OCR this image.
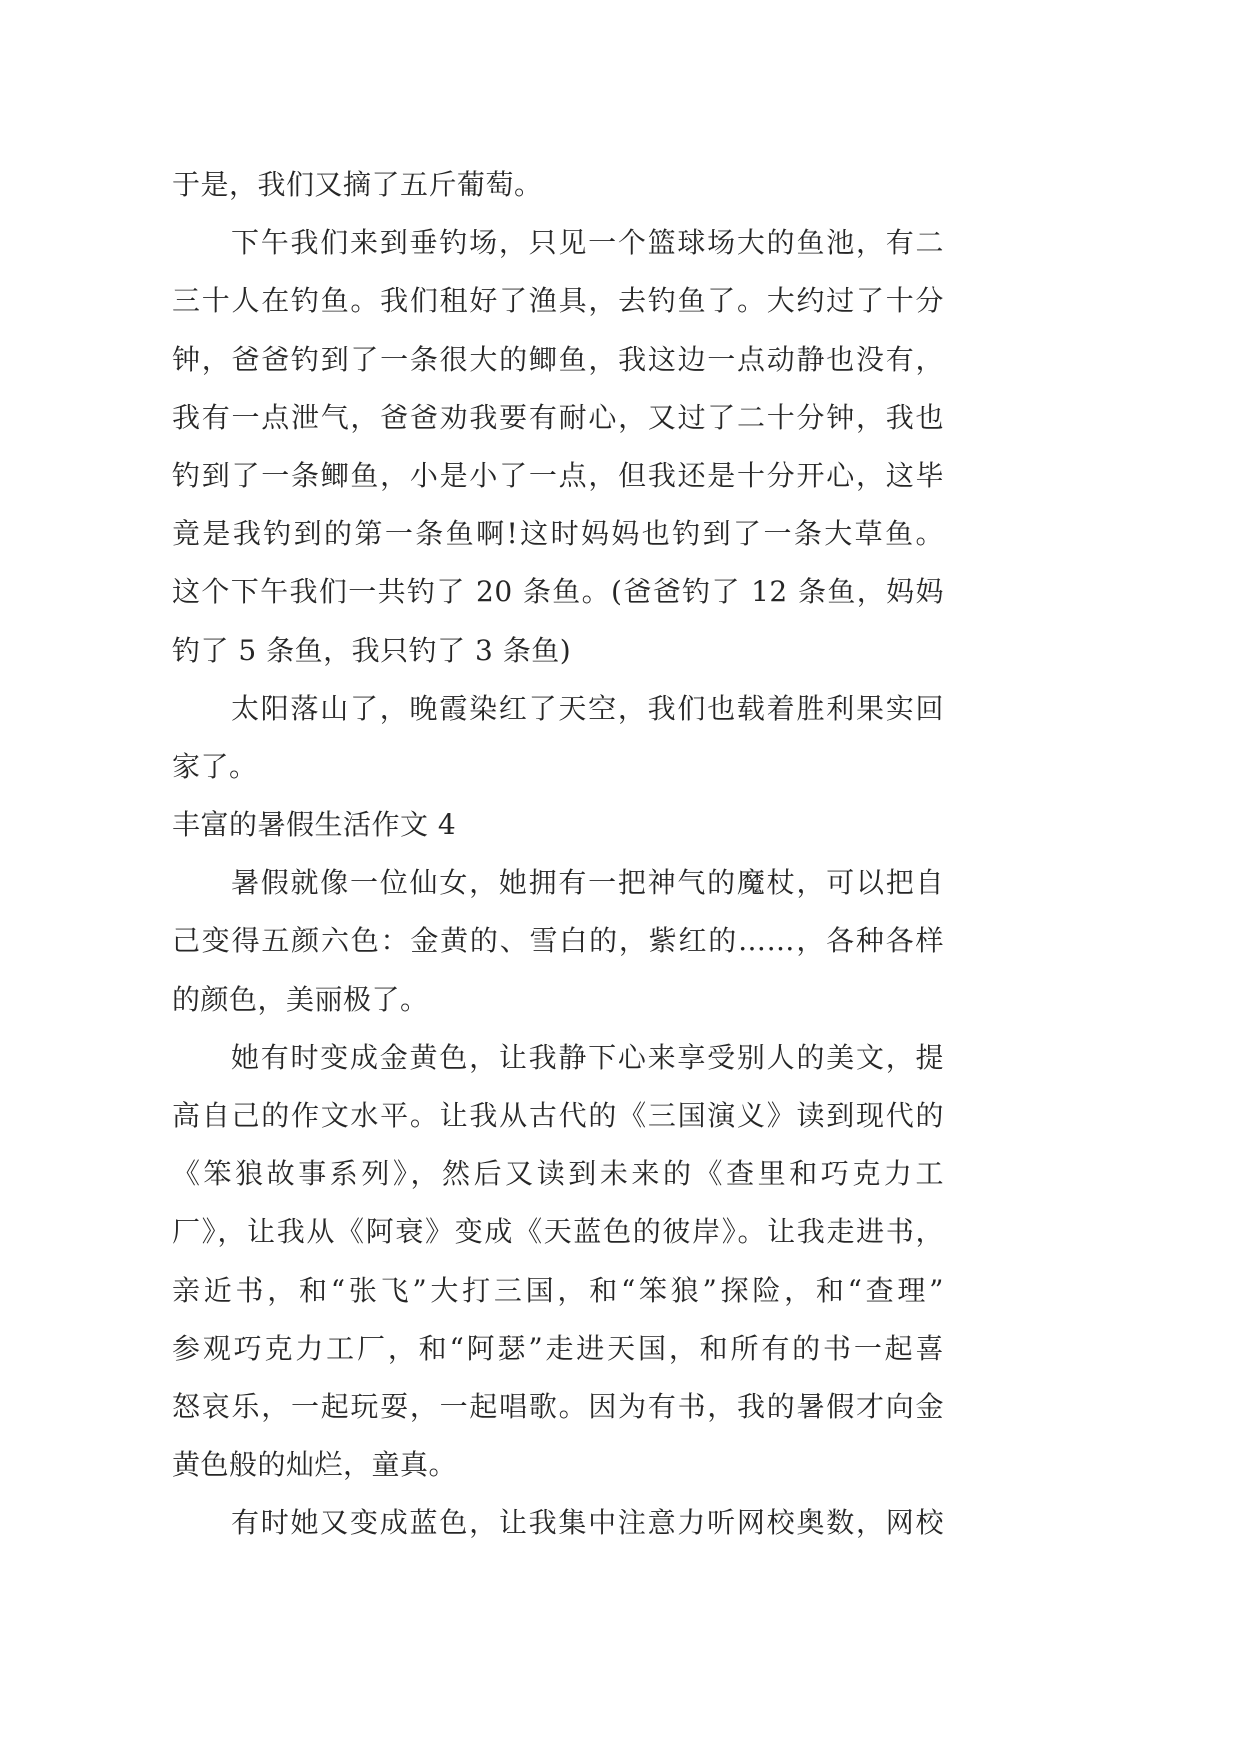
于是，我们又摘了五斤葡萄。
下午我们来到垂钓场，只见一个篮球场大的鱼池，有二
三十人在钓鱼。我们租好了渔具，去钓鱼了。大约过了十分
钟，爸爸钓到了一条很大的鲫鱼，我这边一点动静也没有，
我有一点泄气，爸爸劝我要有耐心，又过了二十分钟，我也
钓到了一条鲫鱼，小是小了一点，但我还是十分开心，这毕
竟是我钓到的第一条鱼啊!这时妈妈也钓到了一条大草鱼。
这个下午我们一共钓了 20 条鱼。(爸爸钓了 12 条鱼，妈妈
钓了 5 条鱼，我只钓了 3 条鱼)
太阳落山了，晚霞染红了天空，我们也载着胜利果实回
家了。
丰富的暑假生活作文 4
暑假就像一位仙女，她拥有一把神气的魔杖，可以把自
己变得五颜六色：金黄的、雪白的，紫红的……，各种各样
的颜色，美丽极了。
她有时变成金黄色，让我静下心来享受别人的美文，提
高自己的作文水平。让我从古代的《三国演义》读到现代的
《笨狼故事系列》，然后又读到未来的《查里和巧克力工
厂》，让我从《阿衰》变成《天蓝色的彼岸》。让我走进书，
亲近书，和“张飞”大打三国，和“笨狼”探险，和“查理”
参观巧克力工厂，和“阿瑟”走进天国，和所有的书一起喜
怒哀乐，一起玩耍，一起唱歌。因为有书，我的暑假才向金
黄色般的灿烂，童真。
有时她又变成蓝色，让我集中注意力听网校奥数，网校
